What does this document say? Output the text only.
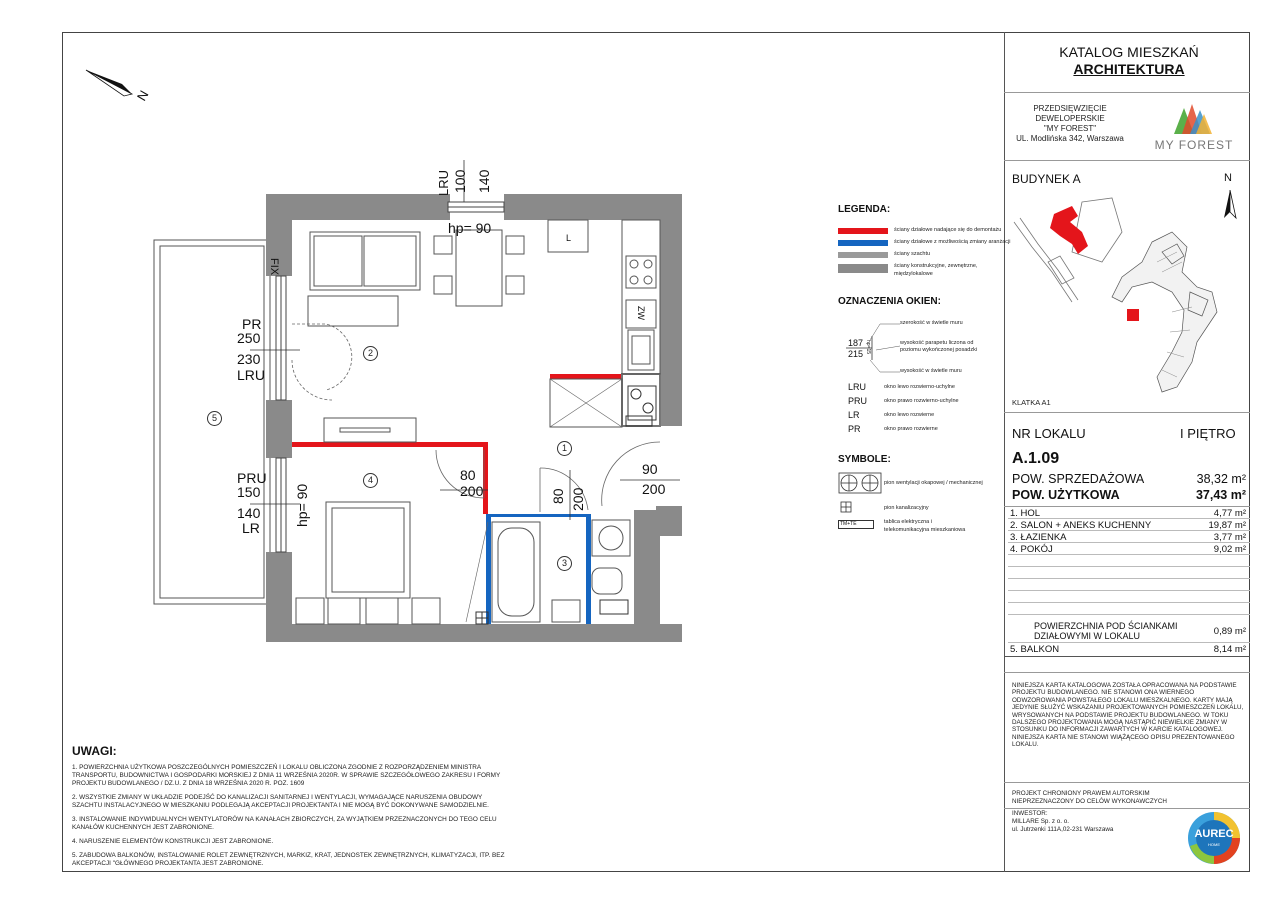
KATALOG MIESZKAŃ
ARCHITEKTURA
PRZEDSIĘWZIĘCIE
DEWELOPERSKIE
"MY FOREST"
UL. Modlińska 342, Warszawa	MY FOREST
BUDYNEK A	N
KLATKA A1
NR LOKALU	I PIĘTRO
A.1.09
POW. SPRZEDAŻOWA	38,32 m²
POW. UŻYTKOWA	37,43 m²
1. HOL	4,77 m²
2. SALON + ANEKS KUCHENNY	19,87 m²
3. ŁAZIENKA	3,77 m²
4. POKÓJ	9,02 m²
POWIERZCHNIA POD ŚCIANKAMI
DZIAŁOWYMI W LOKALU	0,89 m²
5. BALKON	8,14 m²
NINIEJSZA KARTA KATALOGOWA ZOSTAŁA OPRACOWANA NA PODSTAWIE PROJEKTU BUDOWLANEGO. NIE STANOWI ONA WIERNEGO ODWZOROWANIA POWSTAŁEGO LOKALU MIESZKALNEGO. KARTY MAJĄ JEDYNIE SŁUŻYĆ WSKAZANIU PROJEKTOWANYCH POMIESZCZEŃ LOKALU, WRYSOWANYCH NA PODSTAWIE PROJEKTU BUDOWLANEGO. W TOKU DALSZEGO PROJEKTOWANIA MOGĄ NASTĄPIĆ NIEWIELKIE ZMIANY W STOSUNKU DO INFORMACJI ZAWARTYCH W KARCIE KATALOGOWEJ. NINIEJSZA KARTA NIE STANOWI WIĄŻĄCEGO OPISU PREZENTOWANEGO LOKALU.
PROJEKT CHRONIONY PRAWEM AUTORSKIM
NIEPRZEZNACZONY DO CELÓW WYKONAWCZYCH
INWESTOR:
MILLARE Sp. z o. o.
ul. Jutrzenki 111A,02-231 Warszawa	AUREC
HOME
LEGENDA:
ściany działowe nadające się do demontażu
ściany działowe z możliwością zmiany aranżacji
ściany szachtu
ściany konstrukcyjne, zewnętrzne, międzylokalowe
OZNACZENIA OKIEN:
187
215 hp=15
szerokość w świetle muru
wysokość parapetu liczona od poziomu wykończonej posadzki
wysokość w świetle muru
LRU	okno lewo rozwierno-uchylne
PRU	okno prawo rozwierno-uchylne
LR	okno lewo rozwierne
PR	okno prawo rozwierne
SYMBOLE:
pion wentylacji okapowej / mechanicznej
pion kanalizacyjny
TM+TE	tablica elektryczna i telekomunikacyjna mieszkaniowa
UWAGI:
1. POWIERZCHNIA UŻYTKOWA POSZCZEGÓLNYCH POMIESZCZEŃ I LOKALU OBLICZONA ZGODNIE Z ROZPORZĄDZENIEM MINISTRA TRANSPORTU, BUDOWNICTWA I GOSPODARKI MORSKIEJ Z DNIA 11 WRZEŚNIA 2020R. W SPRAWIE SZCZEGÓŁOWEGO ZAKRESU I FORMY PROJEKTU BUDOWLANEGO / DZ.U. Z DNIA 18 WRZEŚNIA 2020 R. POZ. 1609
2. WSZYSTKIE ZMIANY W UKŁADZIE PODEJŚĆ DO KANALIZACJI SANITARNEJ I WENTYLACJI, WYMAGAJĄCE NARUSZENIA OBUDOWY SZACHTU INSTALACYJNEGO W MIESZKANIU PODLEGAJĄ AKCEPTACJI PROJEKTANTA I NIE MOGĄ BYĆ DOKONYWANE SAMODZIELNIE.
3. INSTALOWANIE INDYWIDUALNYCH WENTYLATORÓW NA KANAŁACH ZBIORCZYCH, ZA WYJĄTKIEM PRZEZNACZONYCH DO TEGO CELU KANAŁÓW KUCHENNYCH JEST ZABRONIONE.
4. NARUSZENIE ELEMENTÓW KONSTRUKCJI JEST ZABRONIONE.
5. ZABUDOWA BALKONÓW, INSTALOWANIE ROLET ZEWNĘTRZNYCH, MARKIZ, KRAT, JEDNOSTEK ZEWNĘTRZNYCH, KLIMATYZACJI, ITP. BEZ AKCEPTACJI "GŁÓWNEGO PROJEKTANTA JEST ZABRONIONE.
N
1
2
3
4
5
LRU 100 140
hp= 90
FIX
hp= 90
PR
250
230
LRU
PRU
150
140
LR
80
200	80 200
90
200
L
ZW
